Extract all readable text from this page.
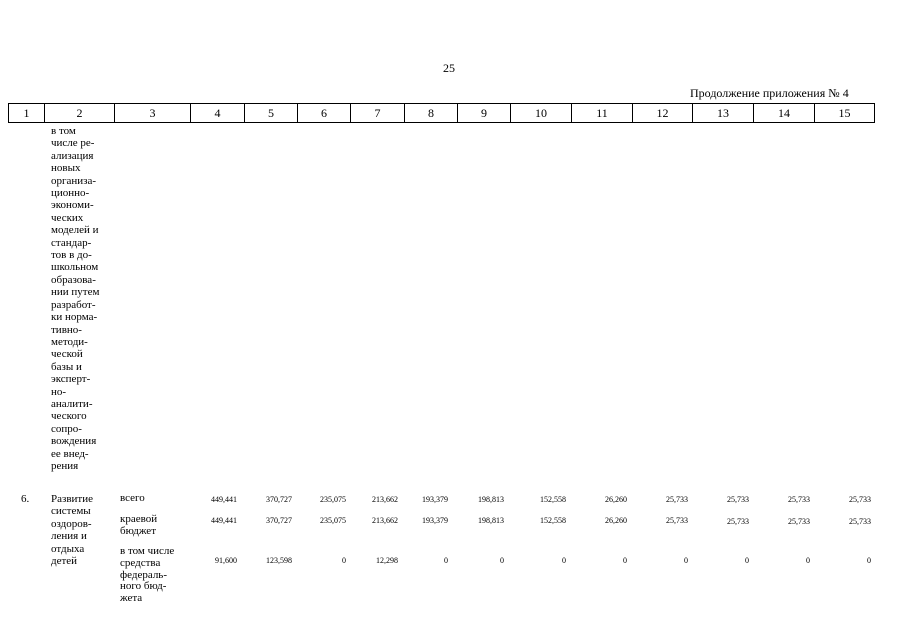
25
Продолжение приложения № 4
1	2	3	4	5	6	7	8	9	10	11	12	13	14	15
в том
числе ре-
ализация
новых
организа-
ционно-
экономи-
ческих
моделей и
стандар-
тов в до-
школьном
образова-
нии путем
разработ-
ки норма-
тивно-
методи-
ческой
базы и
эксперт-
но-
аналити-
ческого
сопро-
вождения
ее внед-
рения
6. Развитие
системы
оздоров-
ления и
отдыха
детей
всего	449,441	370,727	235,075	213,662	193,379	198,813	152,558	26,260	25,733	25,733	25,733	25,733
краевой
бюджет
449,441	370,727	235,075	213,662	193,379	198,813	152,558	26,260	25,733	25,733	25,733	25,733
в том числе
средства
федераль-
ного бюд-
жета
91,600	123,598	0	12,298	0	0	0	0	0	0	0	0
